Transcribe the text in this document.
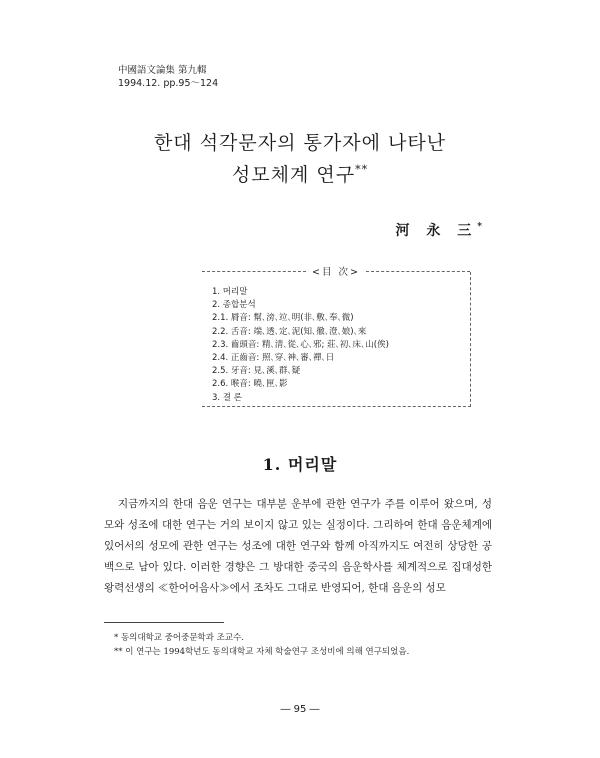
中國語文論集 第九輯
1994.12. pp.95～124
한대 석각문자의 통가자에 나타난
성모체계 연구**
河 永 三*
<目 次>
1. 머리말
2. 종합분석
2.1. 脣音: 幫､滂､竝､明(非､敷､奉､微)
2.2. 舌音: 端､透､定､泥(知､徹､澄､娘)､來
2.3. 齒頭音: 精､淸､從､心､邪; 莊､初､床､山(俟)
2.4. 正齒音: 照､穿､神､審､禪､日
2.5. 牙音: 見､溪､群､疑
2.6. 喉音: 曉､匣､影
3. 결 론
1. 머리말

지금까지의 한대 음운 연구는 대부분 운부에 관한 연구가 주를 이루어 왔으며, 성모와 성조에 대한 연구는 거의 보이지 않고 있는 실정이다. 그리하여 한대 음운체계에 있어서의 성모에 관한 연구는 성조에 대한 연구와 함께 아직까지도 여전히 상당한 공백으로 남아 있다. 이러한 경향은 그 방대한 중국의 음운학사를 체계적으로 집대성한 왕력선생의 ≪한어어음사≫에서 조차도 그대로 반영되어, 한대 음운의 성모

* 동의대학교 중어중문학과 조교수.
** 이 연구는 1994학년도 동의대학교 자체 학술연구 조성비에 의해 연구되었음.
― 95 ―
